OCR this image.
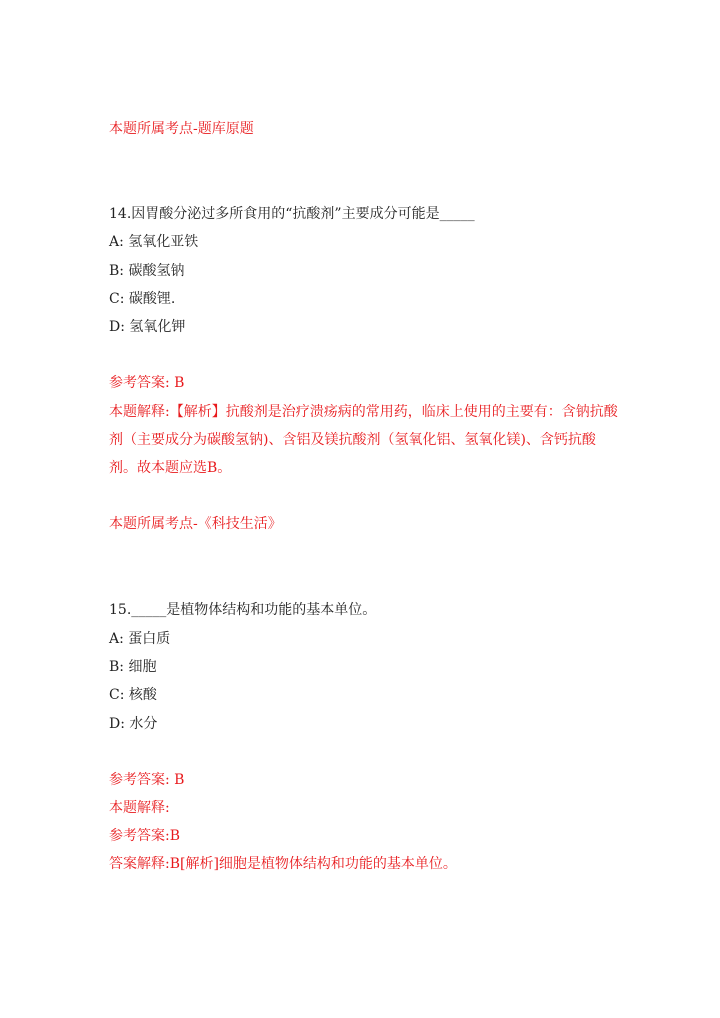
本题所属考点-题库原题
14.因胃酸分泌过多所食用的“抗酸剂”主要成分可能是_____
A: 氢氧化亚铁
B: 碳酸氢钠
C: 碳酸锂.
D: 氢氧化钾
参考答案: B
本题解释:【解析】抗酸剂是治疗溃疡病的常用药，临床上使用的主要有：含钠抗酸剂（主要成分为碳酸氢钠)、含铝及镁抗酸剂（氢氧化铝、氢氧化镁)、含钙抗酸剂。故本题应选B。
本题所属考点-《科技生活》
15._____是植物体结构和功能的基本单位。
A: 蛋白质
B: 细胞
C: 核酸
D: 水分
参考答案: B
本题解释:
参考答案:B
答案解释:B[解析]细胞是植物体结构和功能的基本单位。
